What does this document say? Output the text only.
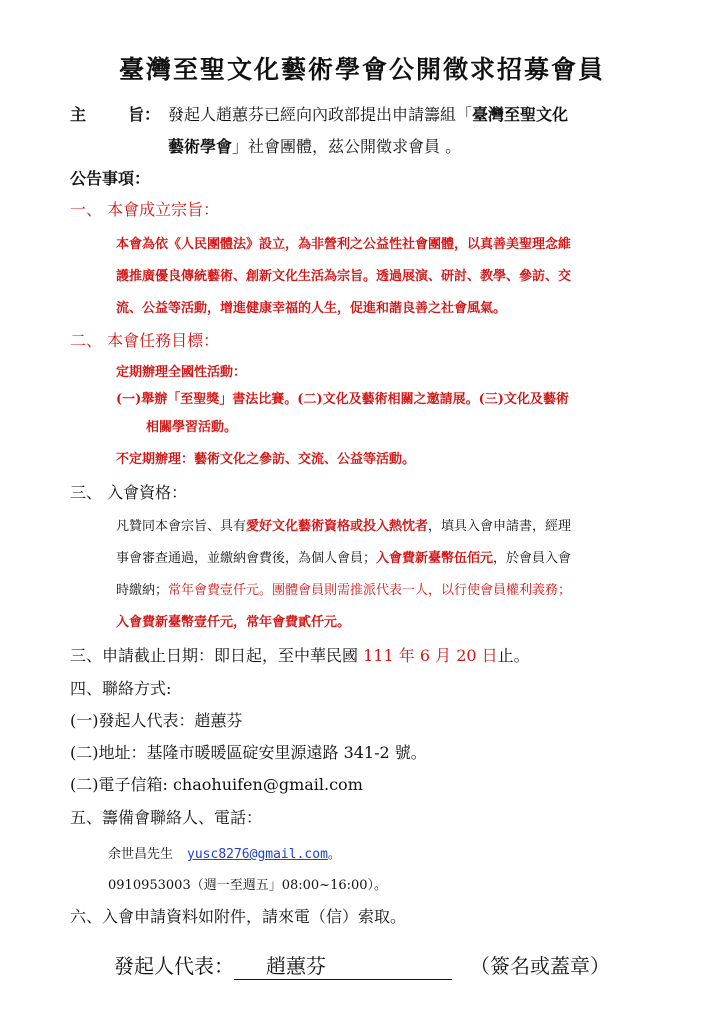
臺灣至聖文化藝術學會公開徵求招募會員
主	旨： 發起人趙蕙芬已經向內政部提出申請籌組「臺灣至聖文化
藝術學會」社會團體，茲公開徵求會員 。
公告事項：
一、 本會成立宗旨：
本會為依《人民團體法》設立，為非營利之公益性社會團體，以真善美聖理念維
護推廣優良傳統藝術、創新文化生活為宗旨。透過展演、研討、教學、參訪、交
流、公益等活動，增進健康幸福的人生，促進和諧良善之社會風氣。
二、 本會任務目標：
定期辦理全國性活動：
(一)舉辦「至聖獎」書法比賽。(二)文化及藝術相關之邀請展。(三)文化及藝術
相關學習活動。
不定期辦理：藝術文化之參訪、交流、公益等活動。
三、 入會資格：
凡贊同本會宗旨、具有愛好文化藝術資格或投入熱忱者，填具入會申請書，經理
事會審查通過，並繳納會費後，為個人會員；入會費新臺幣伍佰元，於會員入會
時繳納；常年會費壹仟元。團體會員則需推派代表一人，以行使會員權利義務；
入會費新臺幣壹仟元，常年會費貳仟元。
三、申請截止日期：即日起，至中華民國 111 年 6 月 20 日止。
四、聯絡方式:
(一)發起人代表：趙蕙芬
(二)地址：基隆市暖暖區碇安里源遠路 341-2 號。
(二)電子信箱: chaohuifen@gmail.com
五、籌備會聯絡人、電話：
余世昌先生 yusc8276@gmail.com。
0910953003（週一至週五」08:00~16:00）。
六、入會申請資料如附件，請來電（信）索取。
發起人代表： 趙蕙芬	（簽名或蓋章）
